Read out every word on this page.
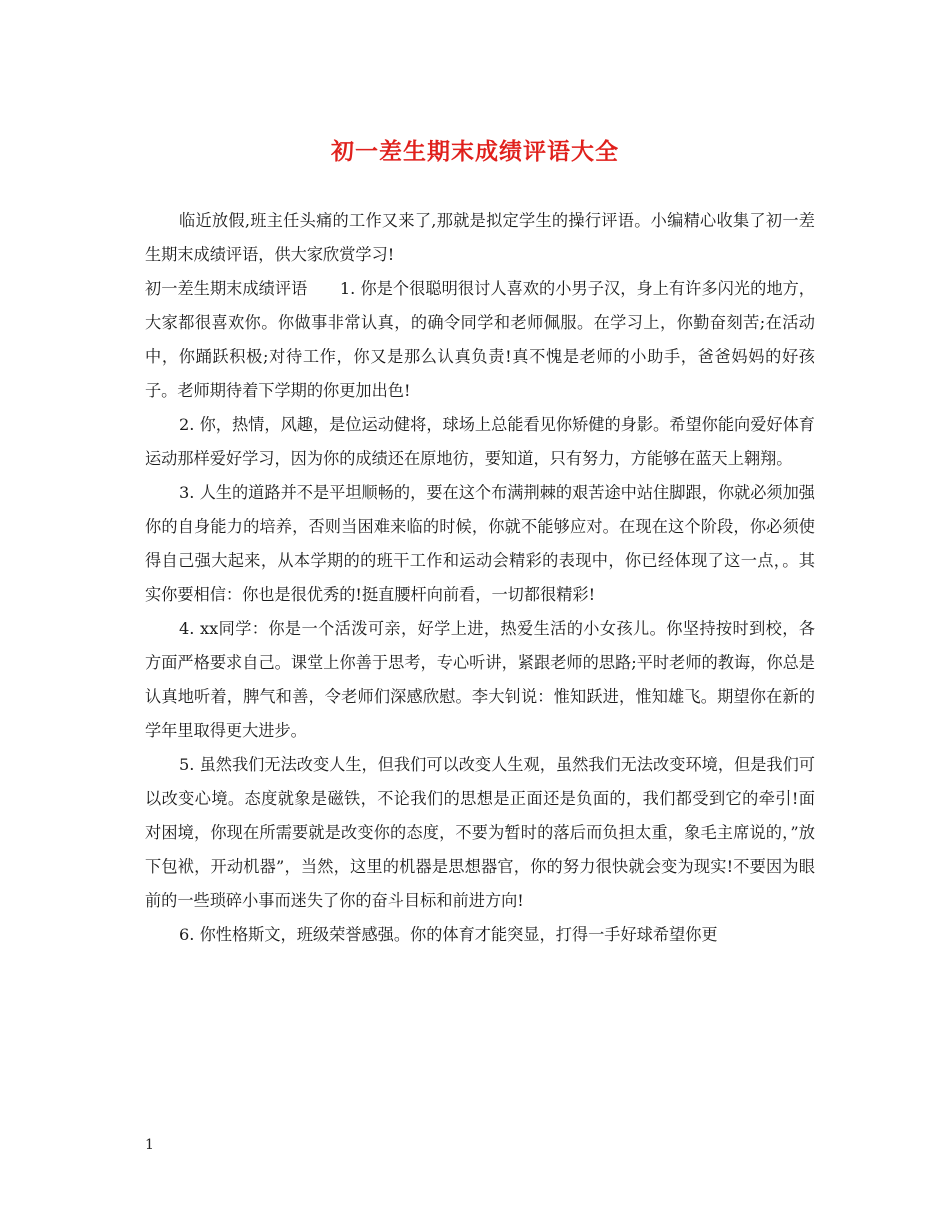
初一差生期末成绩评语大全

临近放假,班主任头痛的工作又来了,那就是拟定学生的操行评语。小编精心收集了初一差生期末成绩评语，供大家欣赏学习!

初一差生期末成绩评语　　1. 你是个很聪明很讨人喜欢的小男子汉，身上有许多闪光的地方，大家都很喜欢你。你做事非常认真，的确令同学和老师佩服。在学习上，你勤奋刻苦;在活动中，你踊跃积极;对待工作，你又是那么认真负责!真不愧是老师的小助手，爸爸妈妈的好孩子。老师期待着下学期的你更加出色!

2. 你，热情，风趣，是位运动健将，球场上总能看见你矫健的身影。希望你能向爱好体育运动那样爱好学习，因为你的成绩还在原地彷，要知道，只有努力，方能够在蓝天上翱翔。

3. 人生的道路并不是平坦顺畅的，要在这个布满荆棘的艰苦途中站住脚跟，你就必须加强你的自身能力的培养，否则当困难来临的时候，你就不能够应对。在现在这个阶段，你必须使得自己强大起来，从本学期的的班干工作和运动会精彩的表现中，你已经体现了这一点，。其实你要相信：你也是很优秀的!挺直腰杆向前看，一切都很精彩!

4. xx同学：你是一个活泼可亲，好学上进，热爱生活的小女孩儿。你坚持按时到校，各方面严格要求自己。课堂上你善于思考，专心听讲，紧跟老师的思路;平时老师的教诲，你总是认真地听着，脾气和善，令老师们深感欣慰。李大钊说：惟知跃进，惟知雄飞。期望你在新的学年里取得更大进步。

5. 虽然我们无法改变人生，但我们可以改变人生观，虽然我们无法改变环境，但是我们可以改变心境。态度就象是磁铁，不论我们的思想是正面还是负面的，我们都受到它的牵引!面对困境，你现在所需要就是改变你的态度，不要为暂时的落后而负担太重，象毛主席说的，”放下包袱，开动机器”，当然，这里的机器是思想器官，你的努力很快就会变为现实!不要因为眼前的一些琐碎小事而迷失了你的奋斗目标和前进方向!

6. 你性格斯文，班级荣誉感强。你的体育才能突显，打得一手好球希望你更

1
